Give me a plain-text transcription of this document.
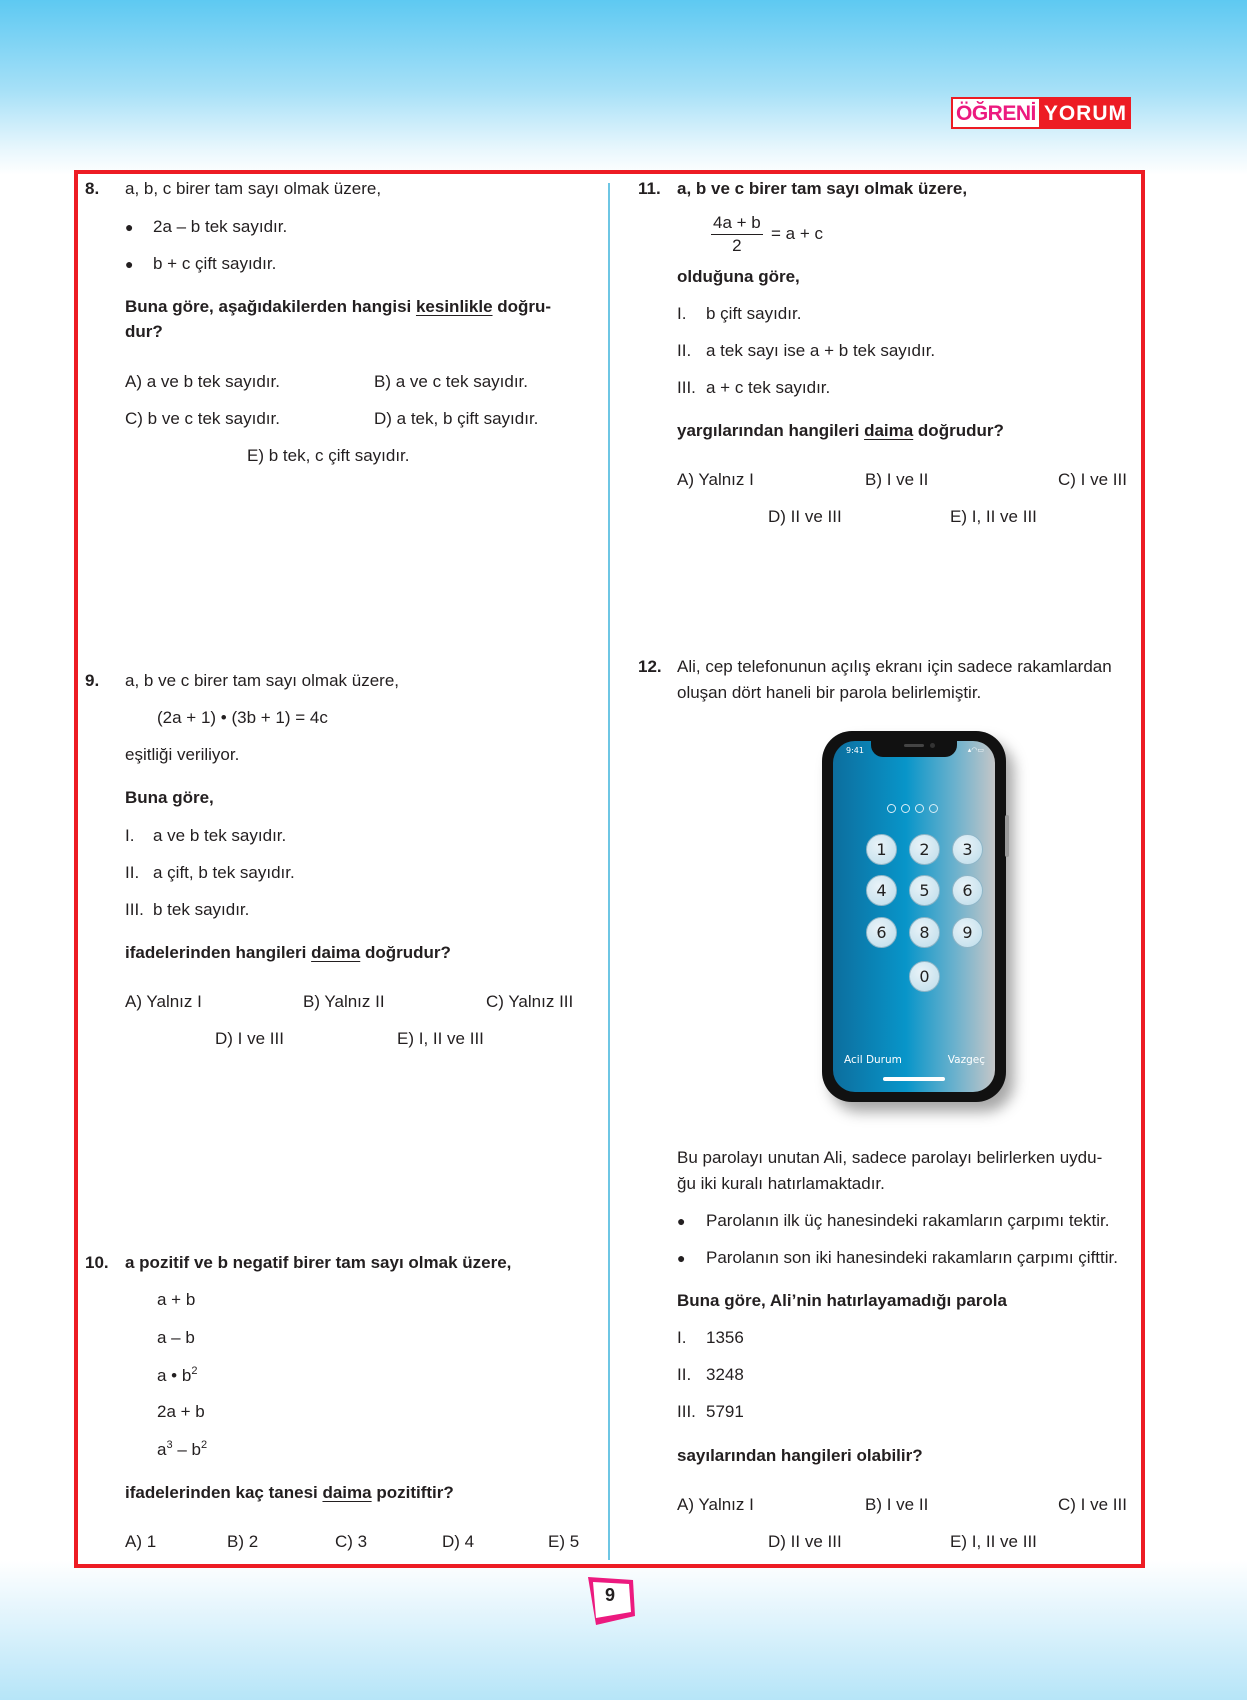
ÖĞRENİ YORUM
8. a, b, c birer tam sayı olmak üzere,
● 2a – b tek sayıdır.
● b + c çift sayıdır.
Buna göre, aşağıdakilerden hangisi kesinlikle doğru-
dur?
A) a ve b tek sayıdır.	B) a ve c tek sayıdır.
C) b ve c tek sayıdır.	D) a tek, b çift sayıdır.
E) b tek, c çift sayıdır.
9. a, b ve c birer tam sayı olmak üzere,
(2a + 1) • (3b + 1) = 4c
eşitliği veriliyor.
Buna göre,
I. a ve b tek sayıdır.
II. a çift, b tek sayıdır.
III. b tek sayıdır.
ifadelerinden hangileri daima doğrudur?
A) Yalnız I	B) Yalnız II	C) Yalnız III
D) I ve III	E) I, II ve III
10. a pozitif ve b negatif birer tam sayı olmak üzere,
a + b
a – b
a • $b^2$
2a + b
$a^3 - b^2$
ifadelerinden kaç tanesi daima pozitiftir?
A) 1	B) 2	C) 3	D) 4	E) 5
11. a, b ve c birer tam sayı olmak üzere,
$\frac{4a + b}{2} = a + c$
olduğuna göre,
I. b çift sayıdır.
II. a tek sayı ise a + b tek sayıdır.
III. a + c tek sayıdır.
yargılarından hangileri daima doğrudur?
A) Yalnız I	B) I ve II	C) I ve III
D) II ve III	E) I, II ve III
12. Ali, cep telefonunun açılış ekranı için sadece rakamlardan
oluşan dört haneli bir parola belirlemiştir.
9:41	▴◠▭
1	2	3
4	5	6
6	8	9
0
Acil Durum	Vazgeç
Bu parolayı unutan Ali, sadece parolayı belirlerken uydu-
ğu iki kuralı hatırlamaktadır.
● Parolanın ilk üç hanesindeki rakamların çarpımı tektir.
● Parolanın son iki hanesindeki rakamların çarpımı çifttir.
Buna göre, Ali’nin hatırlayamadığı parola
I. 1356
II. 3248
III. 5791
sayılarından hangileri olabilir?
A) Yalnız I	B) I ve II	C) I ve III
D) II ve III	E) I, II ve III
9
